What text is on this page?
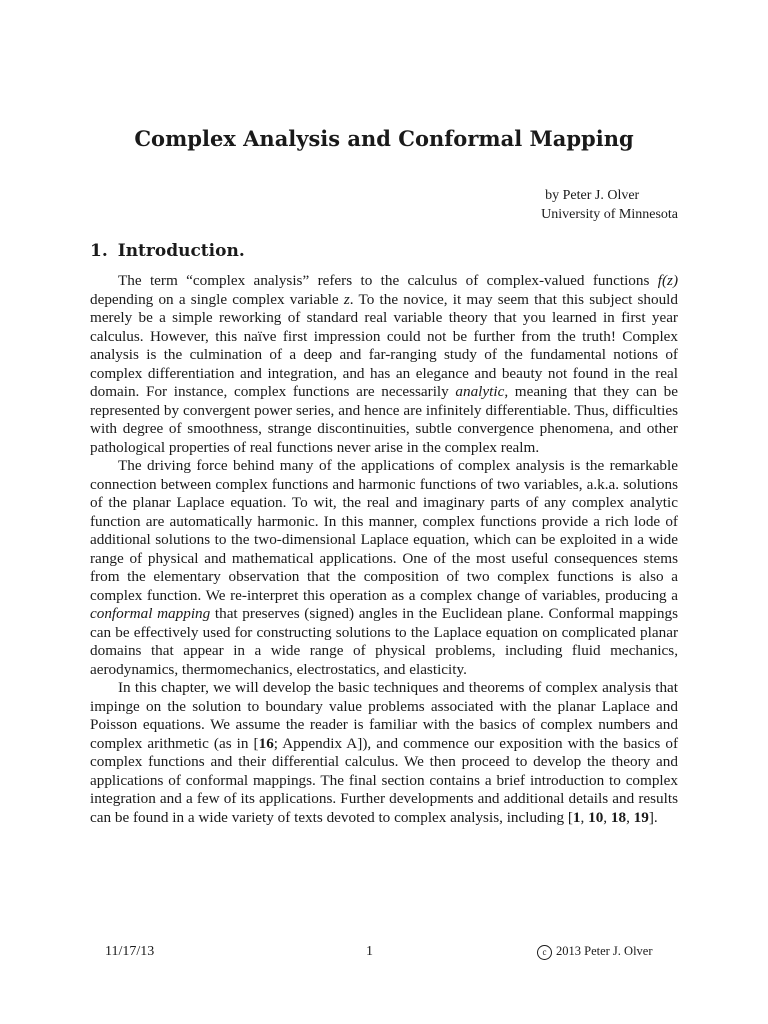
Complex Analysis and Conformal Mapping
by Peter J. Olver
University of Minnesota
1. Introduction.

The term “complex analysis” refers to the calculus of complex-valued functions f(z) depending on a single complex variable z. To the novice, it may seem that this subject should merely be a simple reworking of standard real variable theory that you learned in first year calculus. However, this naïve first impression could not be further from the truth! Complex analysis is the culmination of a deep and far-ranging study of the fundamental notions of complex differentiation and integration, and has an elegance and beauty not found in the real domain. For instance, complex functions are necessarily analytic, meaning that they can be represented by convergent power series, and hence are infinitely differentiable. Thus, difficulties with degree of smoothness, strange discontinuities, subtle convergence phenomena, and other pathological properties of real functions never arise in the complex realm.

The driving force behind many of the applications of complex analysis is the remarkable connection between complex functions and harmonic functions of two variables, a.k.a. solutions of the planar Laplace equation. To wit, the real and imaginary parts of any complex analytic function are automatically harmonic. In this manner, complex functions provide a rich lode of additional solutions to the two-dimensional Laplace equation, which can be exploited in a wide range of physical and mathematical applications. One of the most useful consequences stems from the elementary observation that the composition of two complex functions is also a complex function. We re-interpret this operation as a complex change of variables, producing a conformal mapping that preserves (signed) angles in the Euclidean plane. Conformal mappings can be effectively used for constructing solutions to the Laplace equation on complicated planar domains that appear in a wide range of physical problems, including fluid mechanics, aerodynamics, thermomechanics, electrostatics, and elasticity.

In this chapter, we will develop the basic techniques and theorems of complex analysis that impinge on the solution to boundary value problems associated with the planar Laplace and Poisson equations. We assume the reader is familiar with the basics of complex numbers and complex arithmetic (as in [16; Appendix A]), and commence our exposition with the basics of complex functions and their differential calculus. We then proceed to develop the theory and applications of conformal mappings. The final section contains a brief introduction to complex integration and a few of its applications. Further developments and additional details and results can be found in a wide variety of texts devoted to complex analysis, including [1, 10, 18, 19].

11/17/13	1	c 2013 Peter J. Olver
